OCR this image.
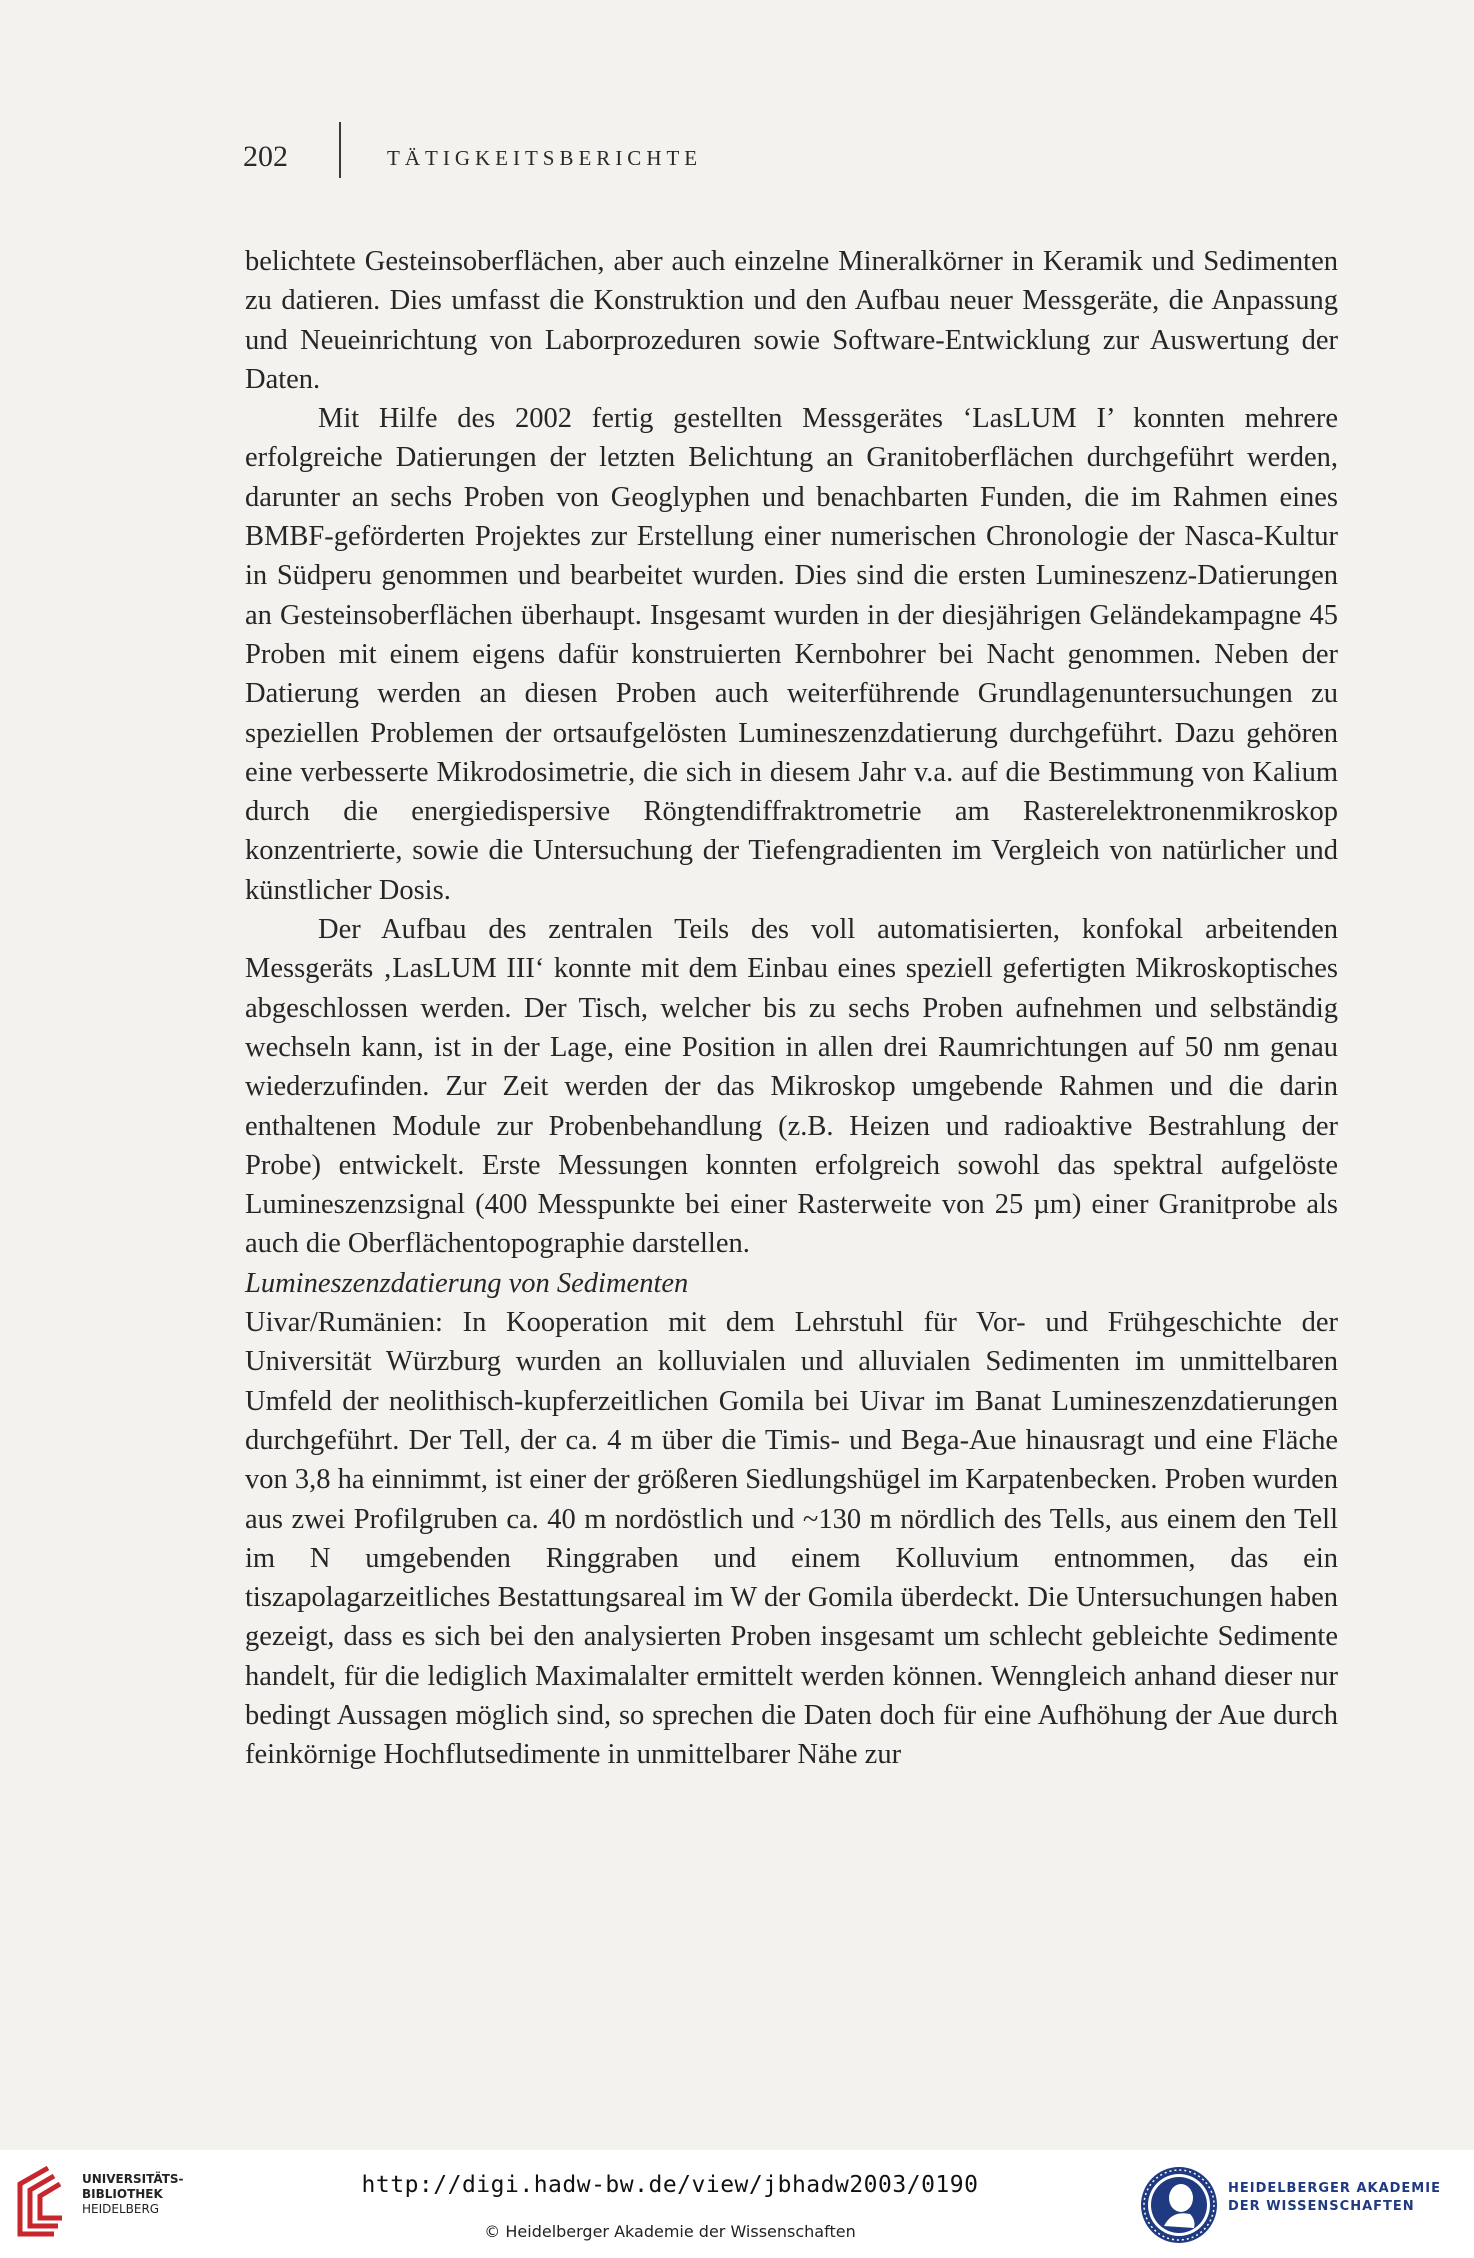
202	TÄTIGKEITSBERICHTE

belichtete Gesteinsoberflächen, aber auch einzelne Mineralkörner in Keramik und Sedimenten zu datieren. Dies umfasst die Konstruktion und den Aufbau neuer Messgeräte, die Anpassung und Neueinrichtung von Laborprozeduren sowie Software-Entwicklung zur Auswertung der Daten.

Mit Hilfe des 2002 fertig gestellten Messgerätes ‘LasLUM I’ konnten mehrere erfolgreiche Datierungen der letzten Belichtung an Granitoberflächen durchgeführt werden, darunter an sechs Proben von Geoglyphen und benachbarten Funden, die im Rahmen eines BMBF-geförderten Projektes zur Erstellung einer numerischen Chronologie der Nasca-Kultur in Südperu genommen und bearbeitet wurden. Dies sind die ersten Lumineszenz-Datierungen an Gesteinsoberflächen überhaupt. Insgesamt wurden in der diesjährigen Geländekampagne 45 Proben mit einem eigens dafür konstruierten Kernbohrer bei Nacht genommen. Neben der Datierung werden an diesen Proben auch weiterführende Grundlagenuntersuchungen zu speziellen Problemen der ortsaufgelösten Lumineszenzdatierung durchgeführt. Dazu gehören eine verbesserte Mikrodosimetrie, die sich in diesem Jahr v.a. auf die Bestimmung von Kalium durch die energiedispersive Röngtendiffraktrometrie am Rasterelektronenmikroskop konzentrierte, sowie die Untersuchung der Tiefengradienten im Vergleich von natürlicher und künstlicher Dosis.

Der Aufbau des zentralen Teils des voll automatisierten, konfokal arbeitenden Messgeräts ‚LasLUM III‘ konnte mit dem Einbau eines speziell gefertigten Mikroskoptisches abgeschlossen werden. Der Tisch, welcher bis zu sechs Proben aufnehmen und selbständig wechseln kann, ist in der Lage, eine Position in allen drei Raumrichtungen auf 50 nm genau wiederzufinden. Zur Zeit werden der das Mikroskop umgebende Rahmen und die darin enthaltenen Module zur Probenbehandlung (z.B. Heizen und radioaktive Bestrahlung der Probe) entwickelt. Erste Messungen konnten erfolgreich sowohl das spektral aufgelöste Lumineszenzsignal (400 Messpunkte bei einer Rasterweite von 25 µm) einer Granitprobe als auch die Oberflächentopographie darstellen.

Lumineszenzdatierung von Sedimenten

Uivar/Rumänien: In Kooperation mit dem Lehrstuhl für Vor- und Frühgeschichte der Universität Würzburg wurden an kolluvialen und alluvialen Sedimenten im unmittelbaren Umfeld der neolithisch-kupferzeitlichen Gomila bei Uivar im Banat Lumineszenzdatierungen durchgeführt. Der Tell, der ca. 4 m über die Timis- und Bega-Aue hinausragt und eine Fläche von 3,8 ha einnimmt, ist einer der größeren Siedlungshügel im Karpatenbecken. Proben wurden aus zwei Profilgruben ca. 40 m nordöstlich und ~130 m nördlich des Tells, aus einem den Tell im N umgebenden Ringgraben und einem Kolluvium entnommen, das ein tiszapolagarzeitliches Bestattungsareal im W der Gomila überdeckt. Die Untersuchungen haben gezeigt, dass es sich bei den analysierten Proben insgesamt um schlecht gebleichte Sedimente handelt, für die lediglich Maximalalter ermittelt werden können. Wenngleich anhand dieser nur bedingt Aussagen möglich sind, so sprechen die Daten doch für eine Aufhöhung der Aue durch feinkörnige Hochflutsedimente in unmittelbarer Nähe zur

UNIVERSITÄTS-
BIBLIOTHEK
HEIDELBERG
http://digi.hadw-bw.de/view/jbhadw2003/0190
© Heidelberger Akademie der Wissenschaften
HEIDELBERGER AKADEMIE
DER WISSENSCHAFTEN
